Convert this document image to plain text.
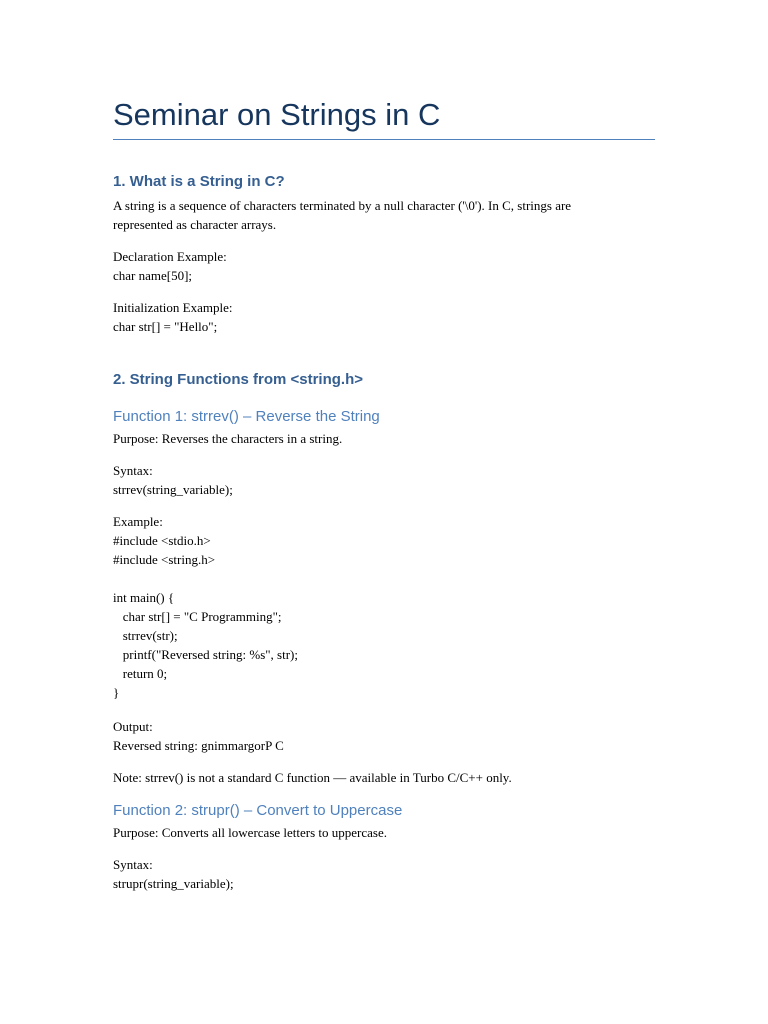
Seminar on Strings in C
1. What is a String in C?

A string is a sequence of characters terminated by a null character ('\0'). In C, strings are

represented as character arrays.

Declaration Example:

char name[50];

Initialization Example:

char str[] = "Hello";

2. String Functions from <string.h>
Function 1: strrev() – Reverse the String

Purpose: Reverses the characters in a string.

Syntax:

strrev(string_variable);

Example:

#include <stdio.h>

#include <string.h>

int main() {

char str[] = "C Programming";

strrev(str);

printf("Reversed string: %s", str);

return 0;

}

Output:

Reversed string: gnimmargorP C

Note: strrev() is not a standard C function — available in Turbo C/C++ only.

Function 2: strupr() – Convert to Uppercase

Purpose: Converts all lowercase letters to uppercase.

Syntax:

strupr(string_variable);
